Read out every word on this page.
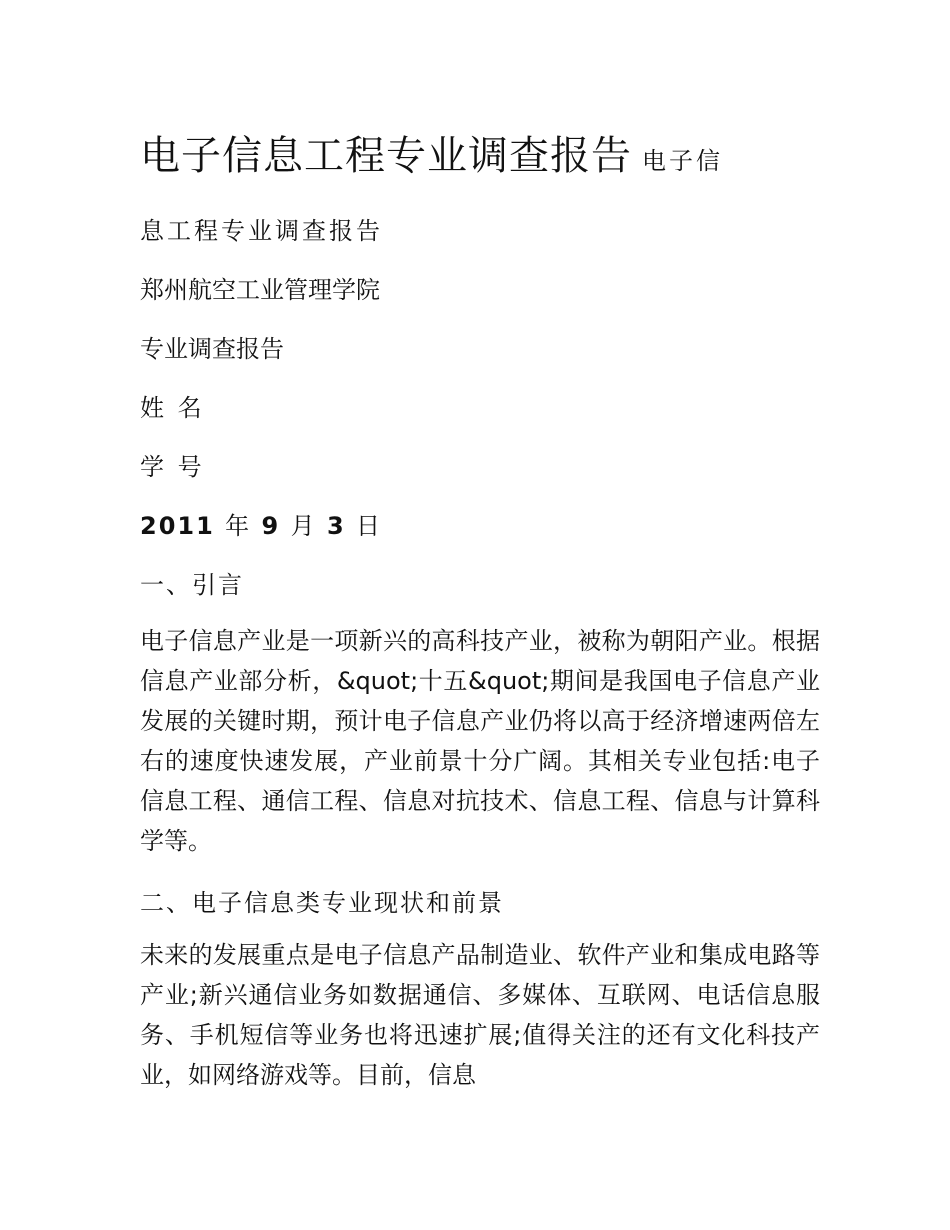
电子信息工程专业调查报告 电子信
息工程专业调查报告
郑州航空工业管理学院
专业调查报告
姓 名
学 号
2011 年 9 月 3 日
一、引言
电子信息产业是一项新兴的高科技产业，被称为朝阳产业。根据信息产业部分析，&quot;十五&quot;期间是我国电子信息产业发展的关键时期，预计电子信息产业仍将以高于经济增速两倍左右的速度快速发展，产业前景十分广阔。其相关专业包括:电子信息工程、通信工程、信息对抗技术、信息工程、信息与计算科学等。
二、电子信息类专业现状和前景
未来的发展重点是电子信息产品制造业、软件产业和集成电路等产业;新兴通信业务如数据通信、多媒体、互联网、电话信息服务、手机短信等业务也将迅速扩展;值得关注的还有文化科技产业，如网络游戏等。目前，信息
